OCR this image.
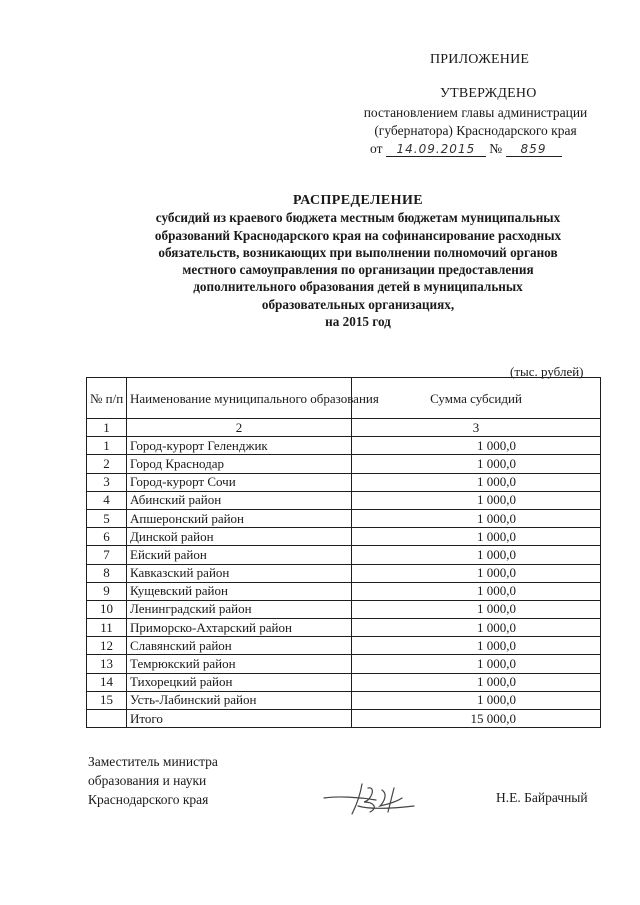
ПРИЛОЖЕНИЕ
УТВЕРЖДЕНО
постановлением главы администрации
(губернатора) Краснодарского края
от 14.09.2015 № 859
РАСПРЕДЕЛЕНИЕ
субсидий из краевого бюджета местным бюджетам муниципальных
образований Краснодарского края на софинансирование расходных
обязательств, возникающих при выполнении полномочий органов
местного самоуправления по организации предоставления
дополнительного образования детей в муниципальных
образовательных организациях,
на 2015 год
(тыс. рублей)
№ п/п	Наименование муниципального образования	Сумма субсидий
1	2	3
1	Город-курорт Геленджик	1 000,0
2	Город Краснодар	1 000,0
3	Город-курорт Сочи	1 000,0
4	Абинский район	1 000,0
5	Апшеронский район	1 000,0
6	Динской район	1 000,0
7	Ейский район	1 000,0
8	Кавказский район	1 000,0
9	Кущевский район	1 000,0
10	Ленинградский район	1 000,0
11	Приморско-Ахтарский район	1 000,0
12	Славянский район	1 000,0
13	Темрюкский район	1 000,0
14	Тихорецкий район	1 000,0
15	Усть-Лабинский район	1 000,0
	Итого	15 000,0
Заместитель министра
образования и науки
Краснодарского края	Н.Е. Байрачный
